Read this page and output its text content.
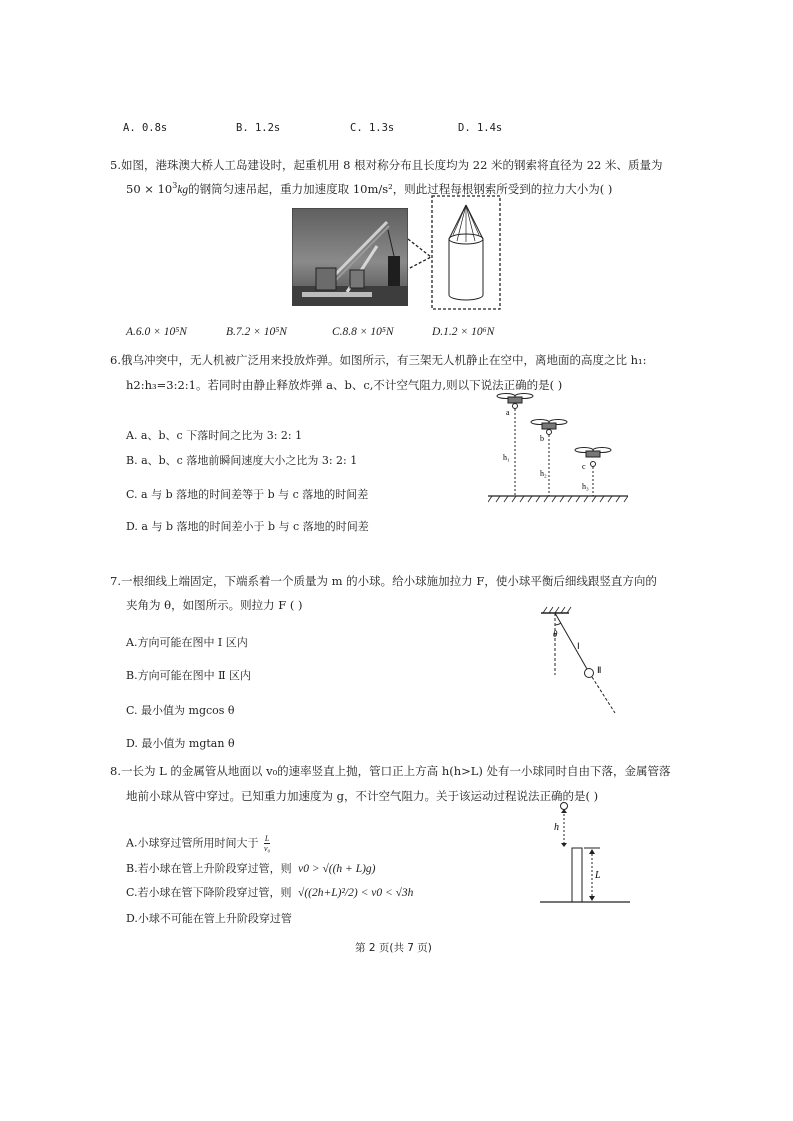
A. 0.8s	B. 1.2s	C. 1.3s	D. 1.4s
5.如图，港珠澳大桥人工岛建设时，起重机用 8 根对称分布且长度均为 22 米的钢索将直径为 22 米、质量为
$50 \times 10^3kg$的钢筒匀速吊起，重力加速度取 10m/s²，则此过程每根钢索所受到的拉力大小为( )
A.6.0 × 10⁵N	B.7.2 × 10⁵N	C.8.8 × 10⁵N	D.1.2 × 10⁶N
6.俄乌冲突中，无人机被广泛用来投放炸弹。如图所示，有三架无人机静止在空中，离地面的高度之比 h₁:
h2:h₃=3:2:1。若同时由静止释放炸弹 a、b、c,不计空气阻力,则以下说法正确的是( )
A. a、b、c 下落时间之比为 3: 2: 1
B. a、b、c 落地前瞬间速度大小之比为 3: 2: 1
C. a 与 b 落地的时间差等于 b 与 c 落地的时间差
D. a 与 b 落地的时间差小于 b 与 c 落地的时间差
a
h₁
b
h₂
c
h₃
7.一根细线上端固定，下端系着一个质量为 m 的小球。给小球施加拉力 F，使小球平衡后细线跟竖直方向的
夹角为 θ，如图所示。则拉力 F ( )
A.方向可能在图中 Ⅰ 区内
B.方向可能在图中 Ⅱ 区内
C. 最小值为 mgcos θ
D. 最小值为 mgtan θ
θ
Ⅰ
Ⅱ
8.一长为 L 的金属管从地面以 v₀的速率竖直上抛，管口正上方高 h(h>L) 处有一小球同时自由下落，金属管落
地前小球从管中穿过。已知重力加速度为 g，不计空气阻力。关于该运动过程说法正确的是( )
A.小球穿过管所用时间大于 $\frac{L}{\text{v₀}}$
B.若小球在管上升阶段穿过管，则 v0 > √((h + L)g)
C.若小球在管下降阶段穿过管，则 √((2h+L)²/2) < v0 < √3h
D.小球不可能在管上升阶段穿过管
h
L
第 2 页(共 7 页)
